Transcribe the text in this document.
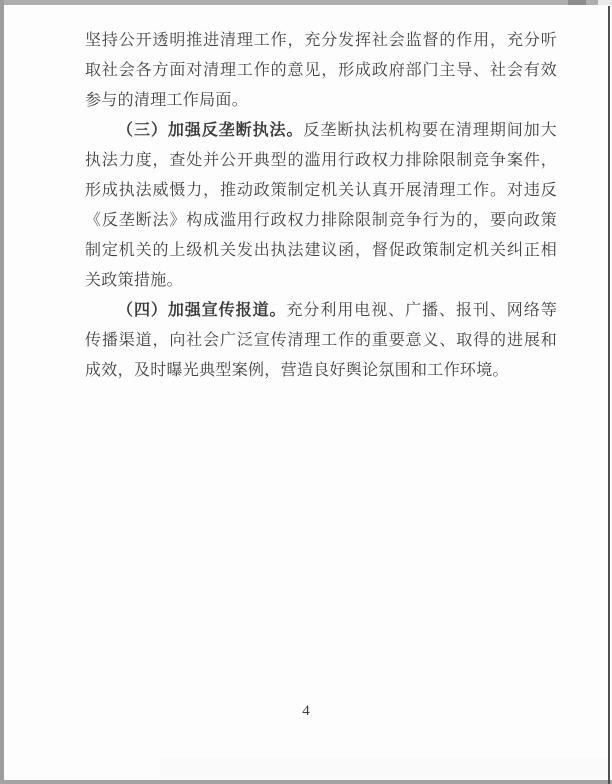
坚持公开透明推进清理工作，充分发挥社会监督的作用，充分听取社会各方面对清理工作的意见，形成政府部门主导、社会有效参与的清理工作局面。

（三）加强反垄断执法。反垄断执法机构要在清理期间加大执法力度，查处并公开典型的滥用行政权力排除限制竞争案件，形成执法威慑力，推动政策制定机关认真开展清理工作。对违反《反垄断法》构成滥用行政权力排除限制竞争行为的，要向政策制定机关的上级机关发出执法建议函，督促政策制定机关纠正相关政策措施。

（四）加强宣传报道。充分利用电视、广播、报刊、网络等传播渠道，向社会广泛宣传清理工作的重要意义、取得的进展和成效，及时曝光典型案例，营造良好舆论氛围和工作环境。

4
